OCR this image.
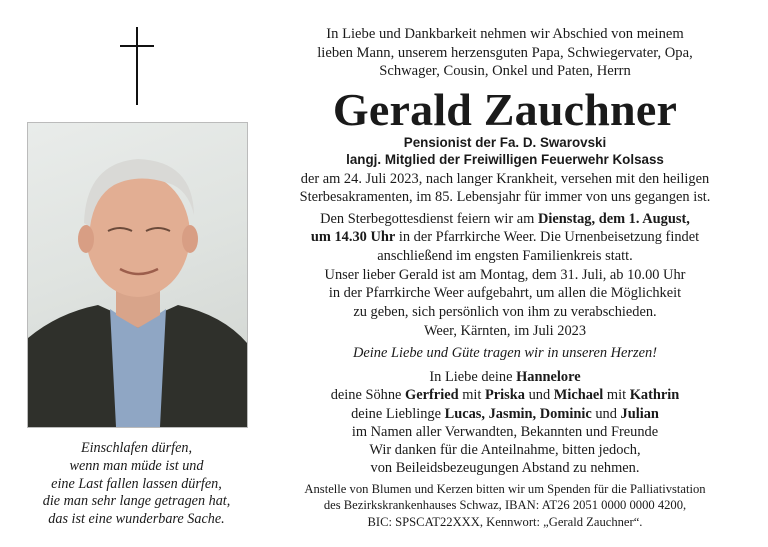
Einschlafen dürfen,
wenn man müde ist und
eine Last fallen lassen dürfen,
die man sehr lange getragen hat,
das ist eine wunderbare Sache.
In Liebe und Dankbarkeit nehmen wir Abschied von meinem
lieben Mann, unserem herzensguten Papa, Schwiegervater, Opa,
Schwager, Cousin, Onkel und Paten, Herrn
Gerald Zauchner
Pensionist der Fa. D. Swarovski
langj. Mitglied der Freiwilligen Feuerwehr Kolsass
der am 24. Juli 2023, nach langer Krankheit, versehen mit den heiligen
Sterbesakramenten, im 85. Lebensjahr für immer von uns gegangen ist.
Den Sterbegottesdienst feiern wir am Dienstag, dem 1. August,
um 14.30 Uhr in der Pfarrkirche Weer. Die Urnenbeisetzung findet
anschließend im engsten Familienkreis statt.
Unser lieber Gerald ist am Montag, dem 31. Juli, ab 10.00 Uhr
in der Pfarrkirche Weer aufgebahrt, um allen die Möglichkeit
zu geben, sich persönlich von ihm zu verabschieden.
Weer, Kärnten, im Juli 2023
Deine Liebe und Güte tragen wir in unseren Herzen!
In Liebe deine Hannelore
deine Söhne Gerfried mit Priska und Michael mit Kathrin
deine Lieblinge Lucas, Jasmin, Dominic und Julian
im Namen aller Verwandten, Bekannten und Freunde
Wir danken für die Anteilnahme, bitten jedoch,
von Beileidsbezeugungen Abstand zu nehmen.
Anstelle von Blumen und Kerzen bitten wir um Spenden für die Palliativstation
des Bezirkskrankenhauses Schwaz, IBAN: AT26 2051 0000 0000 4200,
BIC: SPSCAT22XXX, Kennwort: „Gerald Zauchner“.
